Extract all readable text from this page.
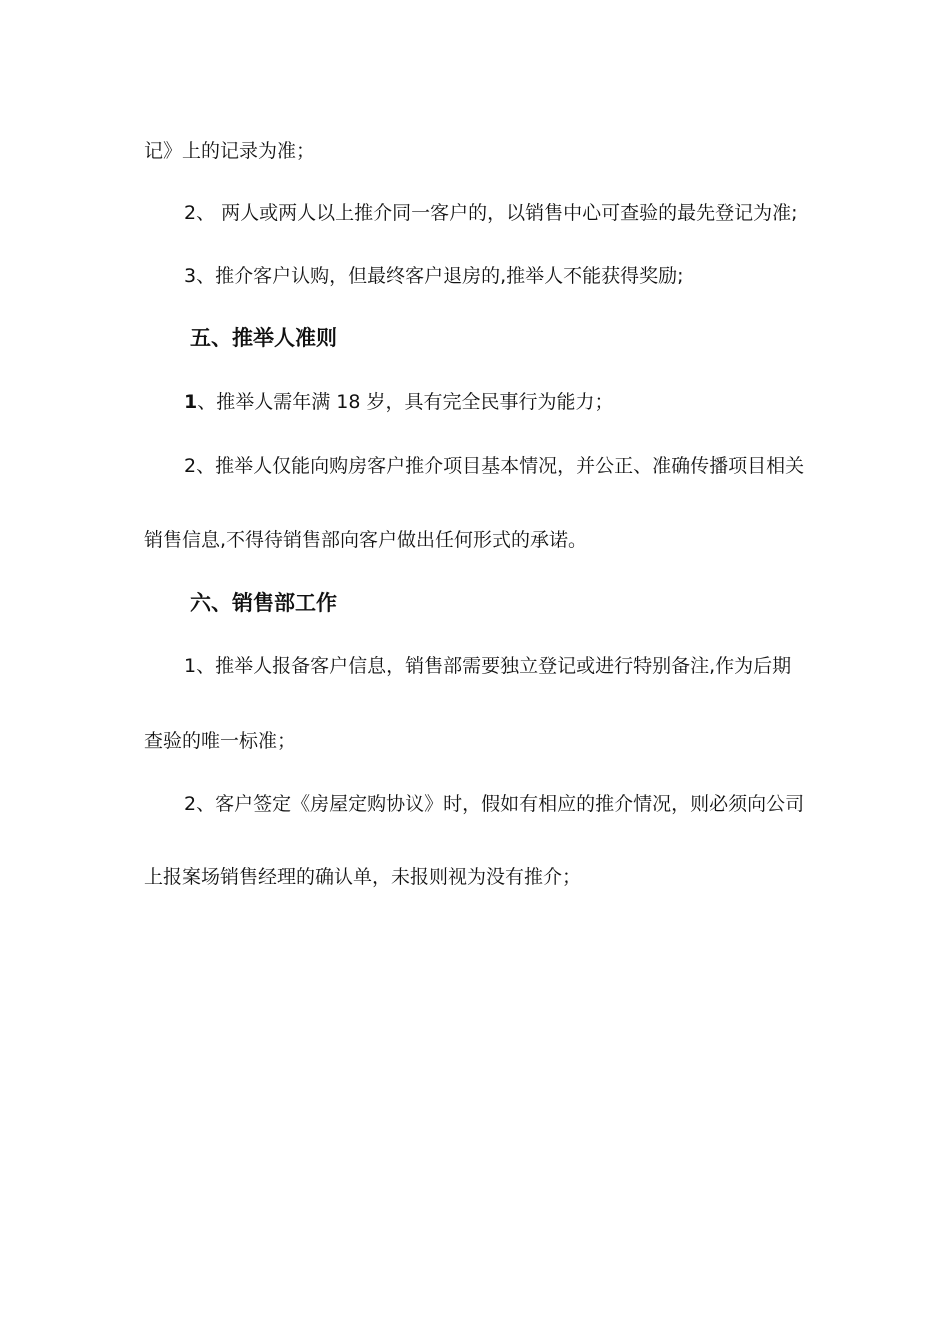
记》上的记录为准；
2、 两人或两人以上推介同一客户的，以销售中心可查验的最先登记为准;
3、推介客户认购，但最终客户退房的,推举人不能获得奖励;
五、推举人准则
1、推举人需年满 18 岁，具有完全民事行为能力；
2、推举人仅能向购房客户推介项目基本情况，并公正、准确传播项目相关
销售信息,不得待销售部向客户做出任何形式的承诺。
六、销售部工作
1、推举人报备客户信息，销售部需要独立登记或进行特别备注,作为后期
查验的唯一标准；
2、客户签定《房屋定购协议》时，假如有相应的推介情况，则必须向公司
上报案场销售经理的确认单，未报则视为没有推介；
